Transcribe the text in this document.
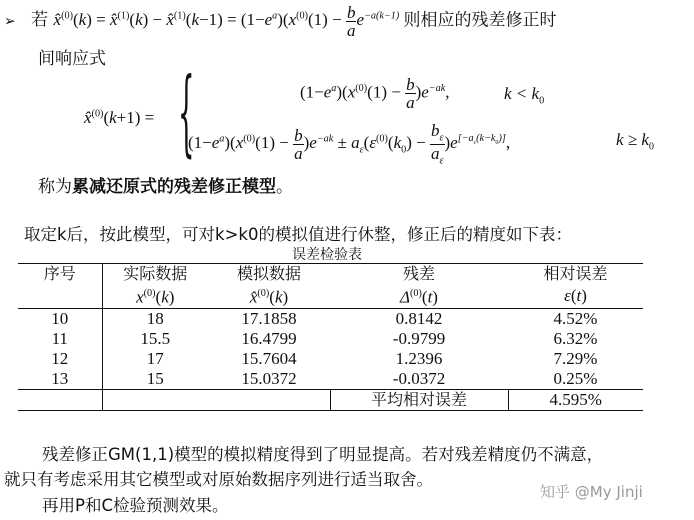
➢ 若 x̂$^{(0)}$(k) = x̂$^{(1)}$(k) − x̂$^{(1)}$(k−1) = $(1-e^a)(x^{(0)}(1) - \frac{b}{a} e^{-a(k-1)}$ 则相应的残差修正时
间响应式
x̂$^{(0)}$(k+1) = {	$(1-e^a)(x^{(0)}(1) - \frac{b}{a} )e^{-ak}$,	$k < k_0$
$(1-e^a)(x^{(0)}(1) - \frac{b}{a} )e^{-ak} \pm a_\varepsilon(\varepsilon^{(0)}(k_0) - \frac{b_\varepsilon}{a_\varepsilon} )e[-a\varepsilon(k-k0)]$,	$k \ge k_0$
称为累减还原式的残差修正模型。
取定k后，按此模型，可对k>k0的模拟值进行休整，修正后的精度如下表：
误差检验表
序号	实际数据	模拟数据	残差	相对误差
	$x^{(0)}(k)$	x̂$^{(0)}$(k)	$\Delta^{(0)}(t)$	ε(t)
10	18	17.1858	0.8142	4.52%
11	15.5	16.4799	-0.9799	6.32%
12	17	15.7604	1.2396	7.29%
13	15	15.0372	-0.0372	0.25%
			平均相对误差	4.595%
残差修正GM(1,1)模型的模拟精度得到了明显提高。若对残差精度仍不满意，
就只有考虑采用其它模型或对原始数据序列进行适当取舍。
再用P和C检验预测效果。
知乎 @My Jinji
